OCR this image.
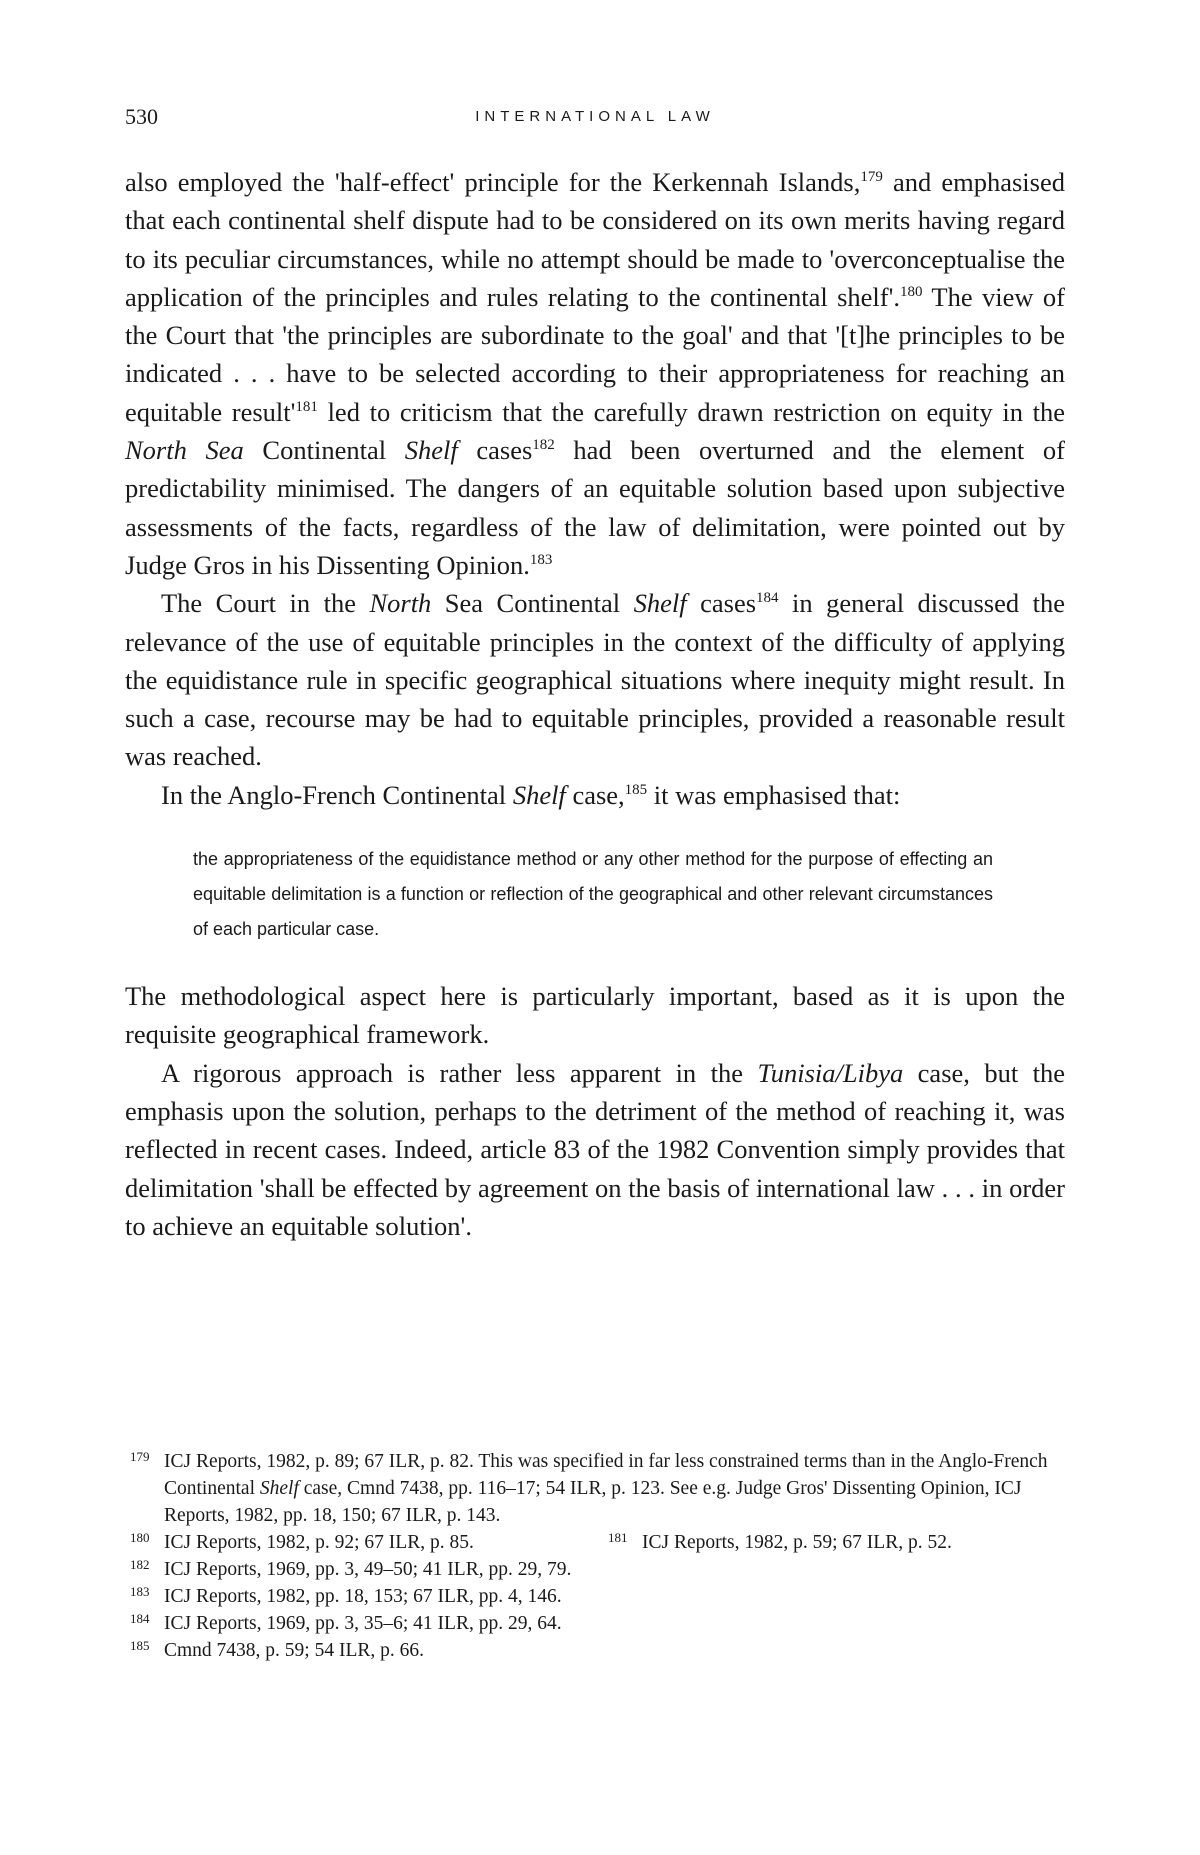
530	INTERNATIONAL LAW

also employed the 'half-effect' principle for the Kerkennah Islands,$^{179}$ and emphasised that each continental shelf dispute had to be considered on its own merits having regard to its peculiar circumstances, while no attempt should be made to 'overconceptualise the application of the principles and rules relating to the continental shelf'.$^{180}$ The view of the Court that 'the principles are subordinate to the goal' and that '[t]he principles to be indicated . . . have to be selected according to their appropriateness for reaching an equitable result'$^{181}$ led to criticism that the carefully drawn restriction on equity in the North Sea Continental Shelf cases$^{182}$ had been overturned and the element of predictability minimised. The dangers of an equitable solution based upon subjective assessments of the facts, regardless of the law of delimitation, were pointed out by Judge Gros in his Dissenting Opinion.$^{183}$

The Court in the North Sea Continental Shelf cases$^{184}$ in general discussed the relevance of the use of equitable principles in the context of the difficulty of applying the equidistance rule in specific geographical situations where inequity might result. In such a case, recourse may be had to equitable principles, provided a reasonable result was reached.

In the Anglo-French Continental Shelf case,$^{185}$ it was emphasised that:

the appropriateness of the equidistance method or any other method for the purpose of effecting an equitable delimitation is a function or reflection of the geographical and other relevant circumstances of each particular case.

The methodological aspect here is particularly important, based as it is upon the requisite geographical framework.

A rigorous approach is rather less apparent in the Tunisia/Libya case, but the emphasis upon the solution, perhaps to the detriment of the method of reaching it, was reflected in recent cases. Indeed, article 83 of the 1982 Convention simply provides that delimitation 'shall be effected by agreement on the basis of international law . . . in order to achieve an equitable solution'.

179 ICJ Reports, 1982, p. 89; 67 ILR, p. 82. This was specified in far less constrained terms than in the Anglo-French Continental Shelf case, Cmnd 7438, pp. 116–17; 54 ILR, p. 123. See e.g. Judge Gros' Dissenting Opinion, ICJ Reports, 1982, pp. 18, 150; 67 ILR, p. 143.

180 ICJ Reports, 1982, p. 92; 67 ILR, p. 85.	181 ICJ Reports, 1982, p. 59; 67 ILR, p. 52.

182 ICJ Reports, 1969, pp. 3, 49–50; 41 ILR, pp. 29, 79.

183 ICJ Reports, 1982, pp. 18, 153; 67 ILR, pp. 4, 146.

184 ICJ Reports, 1969, pp. 3, 35–6; 41 ILR, pp. 29, 64.

185 Cmnd 7438, p. 59; 54 ILR, p. 66.
